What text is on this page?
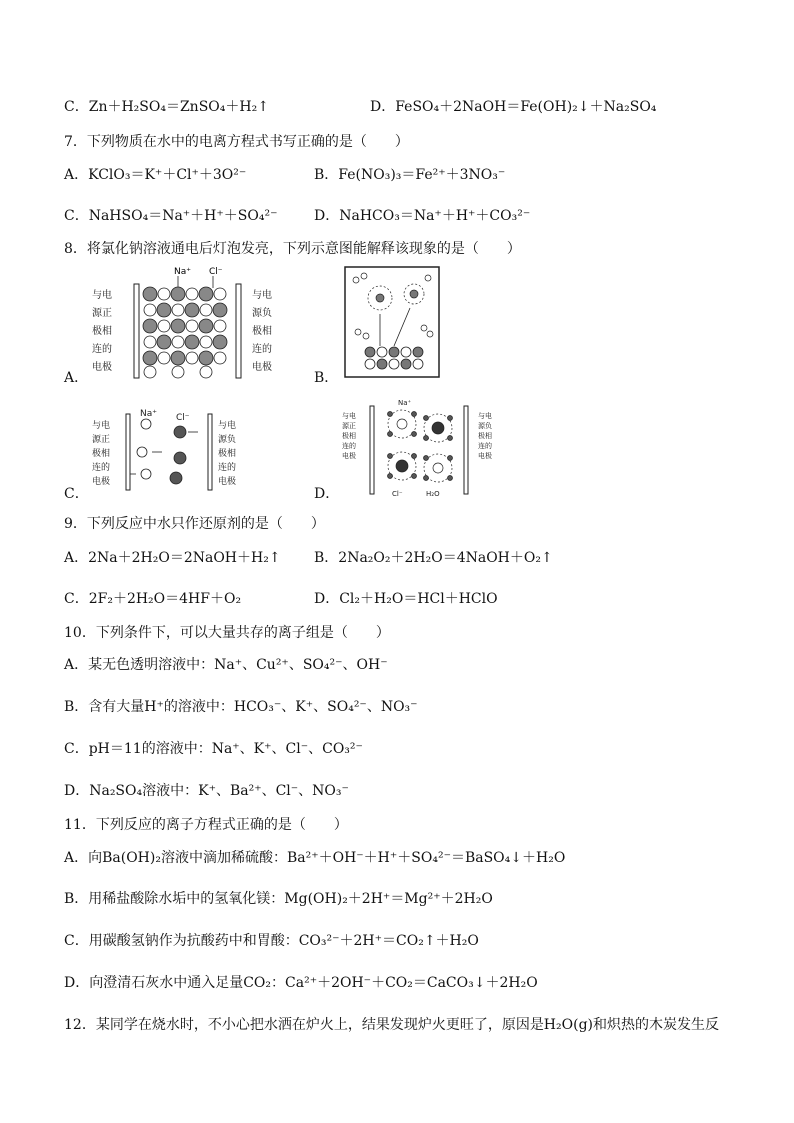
C．Zn＋H₂SO₄＝ZnSO₄＋H₂↑	D．FeSO₄＋2NaOH＝Fe(OH)₂↓＋Na₂SO₄
7．下列物质在水中的电离方程式书写正确的是（　　）
A．KClO₃＝K⁺＋Cl⁺＋3O²⁻	B．Fe(NO₃)₃＝Fe²⁺＋3NO₃⁻
C．NaHSO₄＝Na⁺＋H⁺＋SO₄²⁻	D．NaHCO₃＝Na⁺＋H⁺＋CO₃²⁻
8．将氯化钠溶液通电后灯泡发亮，下列示意图能解释该现象的是（　　）
Na⁺ Cl⁻
与电
源正
极相
连的
电极
与电
源负
极相
连的
电极
A．	B．
与电
源正
极相
连的
电极
与电
源负
极相
连的
电极
Na⁺ Cl⁻
C．
与电
源正
极相
连的
电极
与电
源负
极相
连的
电极
Na⁺
Cl⁻	H₂O
D．
9．下列反应中水只作还原剂的是（　　）
A．2Na＋2H₂O＝2NaOH＋H₂↑ B．2Na₂O₂＋2H₂O＝4NaOH＋O₂↑
C．2F₂＋2H₂O＝4HF＋O₂	D．Cl₂＋H₂O＝HCl＋HClO
10．下列条件下，可以大量共存的离子组是（　　）
A．某无色透明溶液中：Na⁺、Cu²⁺、SO₄²⁻、OH⁻
B．含有大量H⁺的溶液中：HCO₃⁻、K⁺、SO₄²⁻、NO₃⁻
C．pH＝11的溶液中：Na⁺、K⁺、Cl⁻、CO₃²⁻
D．Na₂SO₄溶液中：K⁺、Ba²⁺、Cl⁻、NO₃⁻
11．下列反应的离子方程式正确的是（　　）
A．向Ba(OH)₂溶液中滴加稀硫酸：Ba²⁺＋OH⁻＋H⁺＋SO₄²⁻＝BaSO₄↓＋H₂O
B．用稀盐酸除水垢中的氢氧化镁：Mg(OH)₂＋2H⁺＝Mg²⁺＋2H₂O
C．用碳酸氢钠作为抗酸药中和胃酸：CO₃²⁻＋2H⁺＝CO₂↑＋H₂O
D．向澄清石灰水中通入足量CO₂：Ca²⁺＋2OH⁻＋CO₂＝CaCO₃↓＋2H₂O
12．某同学在烧水时，不小心把水洒在炉火上，结果发现炉火更旺了，原因是H₂O(g)和炽热的木炭发生反
